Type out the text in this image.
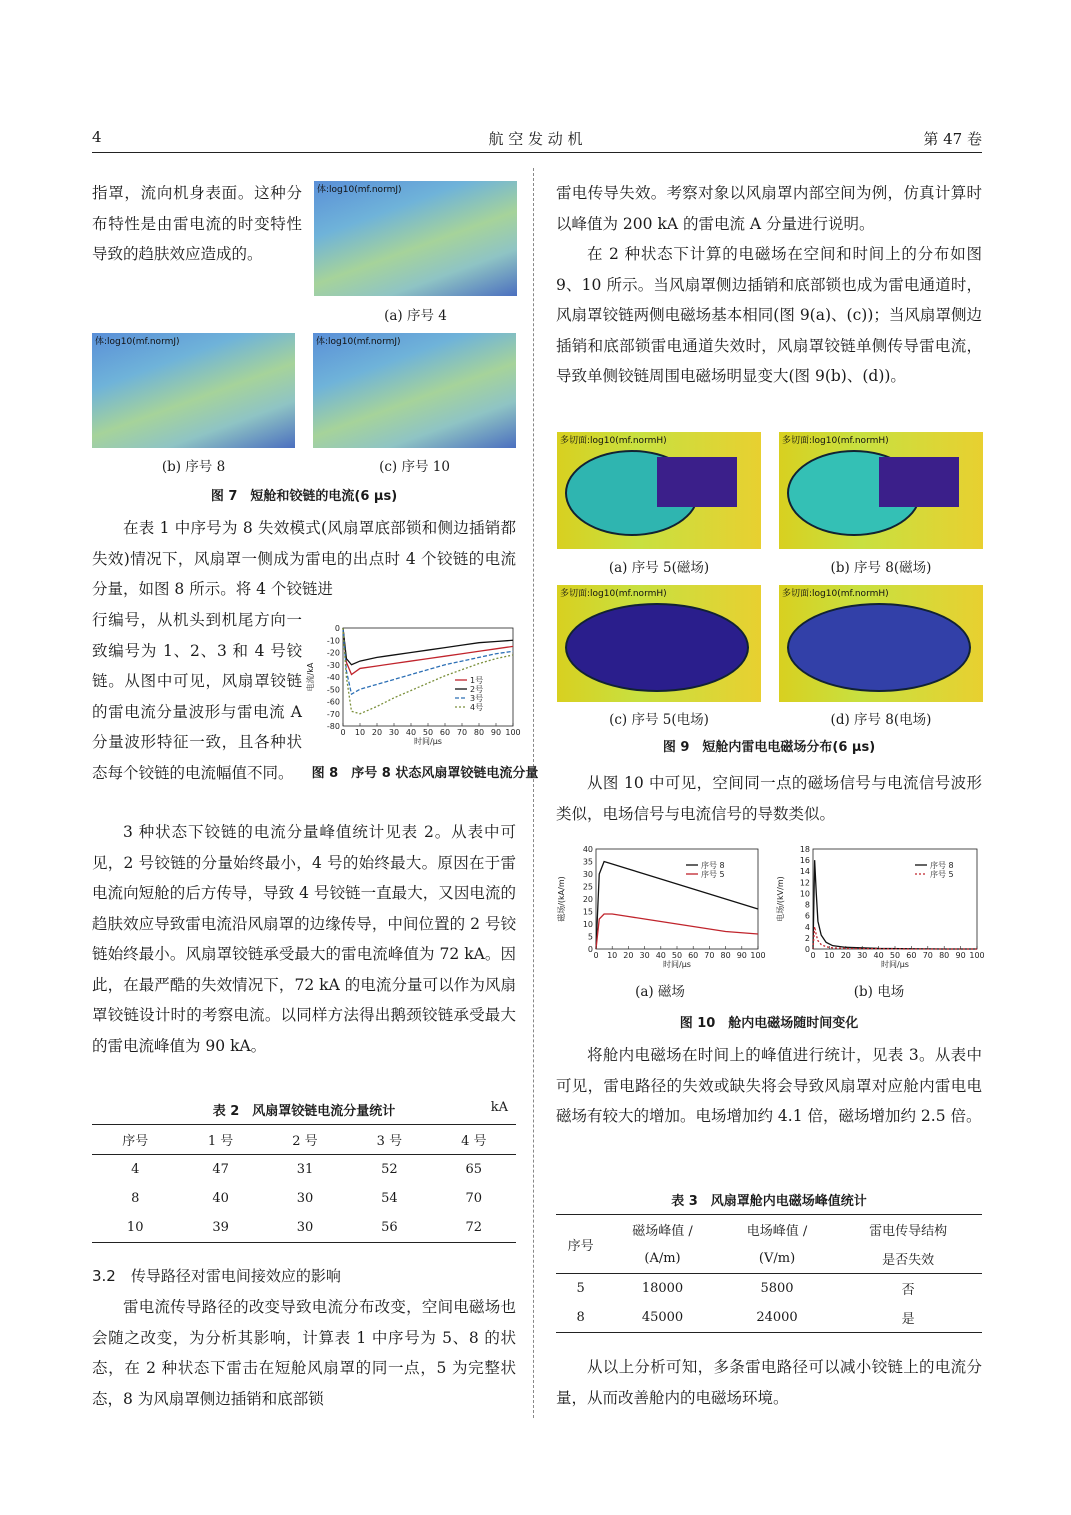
4	航 空 发 动 机	第 47 卷

指罩，流向机身表面。这种分布特性是由雷电流的时变特性导致的趋肤效应造成的。

体:log10(mf.normJ)
(a) 序号 4
体:log10(mf.normJ)	体:log10(mf.normJ)
(b) 序号 8	(c) 序号 10
图 7　短舱和铰链的电流(6 μs)

在表 1 中序号为 8 失效模式(风扇罩底部锁和侧边插销都失效)情况下，风扇罩一侧成为雷电的出点时 4 个铰链的电流分量，如图 8 所示。将 4 个铰链进

行编号，从机头到机尾方向一致编号为 1、2、3 和 4 号铰链。从图中可见，风扇罩铰链的雷电流分量波形与雷电流 A 分量波形特征一致，且各种状态每个铰链的电流幅值不同。

0 10 20 30 40 50 60 70 80 90 100
时间/μs
电流/kA	1号
2号
3号
4号
0
-10
-20
-30
-40
-50
-60
-70
-80
图 8　序号 8 状态风扇罩铰链电流分量

3 种状态下铰链的电流分量峰值统计见表 2。从表中可见，2 号铰链的分量始终最小，4 号的始终最大。原因在于雷电流向短舱的后方传导，导致 4 号铰链一直最大，又因电流的趋肤效应导致雷电流沿风扇罩的边缘传导，中间位置的 2 号铰链始终最小。风扇罩铰链承受最大的雷电流峰值为 72 kA。因此，在最严酷的失效情况下，72 kA 的电流分量可以作为风扇罩铰链设计时的考察电流。以同样方法得出鹅颈铰链承受最大的雷电流峰值为 90 kA。

表 2　风扇罩铰链电流分量统计	kA
序号	1 号	2 号	3 号	4 号
4	47	31	52	65
8	40	30	54	70
10	39	30	56	72
3.2　传导路径对雷电间接效应的影响

雷电流传导路径的改变导致电流分布改变，空间电磁场也会随之改变，为分析其影响，计算表 1 中序号为 5、8 的状态，在 2 种状态下雷击在短舱风扇罩的同一点，5 为完整状态，8 为风扇罩侧边插销和底部锁

雷电传导失效。考察对象以风扇罩内部空间为例，仿真计算时以峰值为 200 kA 的雷电流 A 分量进行说明。

在 2 种状态下计算的电磁场在空间和时间上的分布如图 9、10 所示。当风扇罩侧边插销和底部锁也成为雷电通道时，风扇罩铰链两侧电磁场基本相同(图 9(a)、(c))；当风扇罩侧边插销和底部锁雷电通道失效时，风扇罩铰链单侧传导雷电流，导致单侧铰链周围电磁场明显变大(图 9(b)、(d))。

多切面:log10(mf.normH)	多切面:log10(mf.normH)
(a) 序号 5(磁场)	(b) 序号 8(磁场)
多切面:log10(mf.normH)	多切面:log10(mf.normH)
(c) 序号 5(电场)	(d) 序号 8(电场)
图 9　短舱内雷电电磁场分布(6 μs)

从图 10 中可见，空间同一点的磁场信号与电流信号波形类似，电场信号与电流信号的导数类似。

0 10 20 30 40 50 60 70 80 90 100
时间/μs
磁场/(kA/m)
序号 8
序号 5
0
5
10
15
20
25
30
35
40
0 10 20 30 40 50 60 70 80 90 100
时间/μs
电场/(kV/m)
序号 8
序号 5
0
2
4
6
8
10
12
14
16
18
(a) 磁场	(b) 电场
图 10　舱内电磁场随时间变化

将舱内电磁场在时间上的峰值进行统计，见表 3。从表中可见，雷电路径的失效或缺失将会导致风扇罩对应舱内雷电电磁场有较大的增加。电场增加约 4.1 倍，磁场增加约 2.5 倍。

表 3　风扇罩舱内电磁场峰值统计
序号	磁场峰值 /	电场峰值 /	雷电传导结构
	(A/m)	(V/m)	是否失效
5	18000	5800	否
8	45000	24000	是

从以上分析可知，多条雷电路径可以减小铰链上的电流分量，从而改善舱内的电磁场环境。
